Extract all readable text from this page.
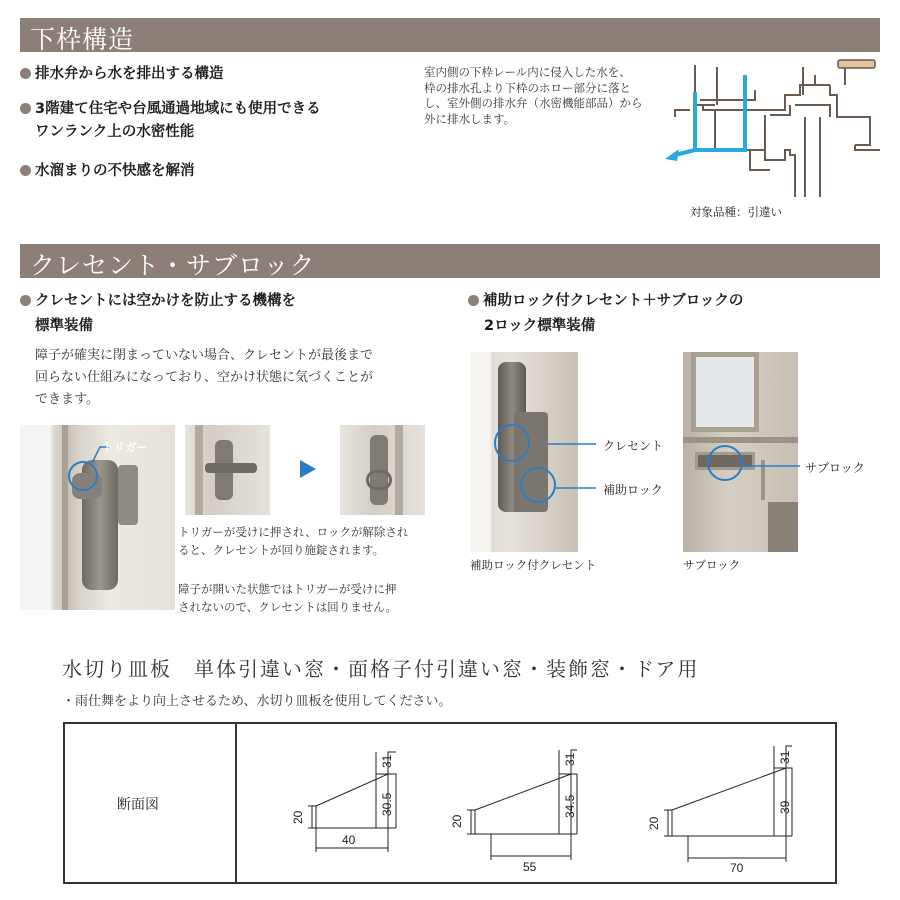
下枠構造
排水弁から水を排出する構造
3階建て住宅や台風通過地域にも使用できる
ワンランク上の水密性能
水溜まりの不快感を解消
室内側の下枠レール内に侵入した水を、
枠の排水孔より下枠のホロー部分に落と
し、室外側の排水弁（水密機能部品）から
外に排水します。
対象品種：引違い
クレセント・サブロック
クレセントには空かけを防止する機構を
標準装備
障子が確実に閉まっていない場合、クレセントが最後まで
回らない仕組みになっており、空かけ状態に気づくことが
できます。
トリガー
トリガーが受けに押され、ロックが解除され
ると、クレセントが回り施錠されます。
障子が開いた状態ではトリガーが受けに押
されないので、クレセントは回りません。
補助ロック付クレセント＋サブロックの
2ロック標準装備
クレセント
補助ロック
補助ロック付クレセント
サブロック
サブロック
水切り皿板　単体引違い窓・面格子付引違い窓・装飾窓・ドア用
・雨仕舞をより向上させるため、水切り皿板を使用してください。
断面図
20
40
30.5
31
20
55
34.5
31
20
70
39
31
